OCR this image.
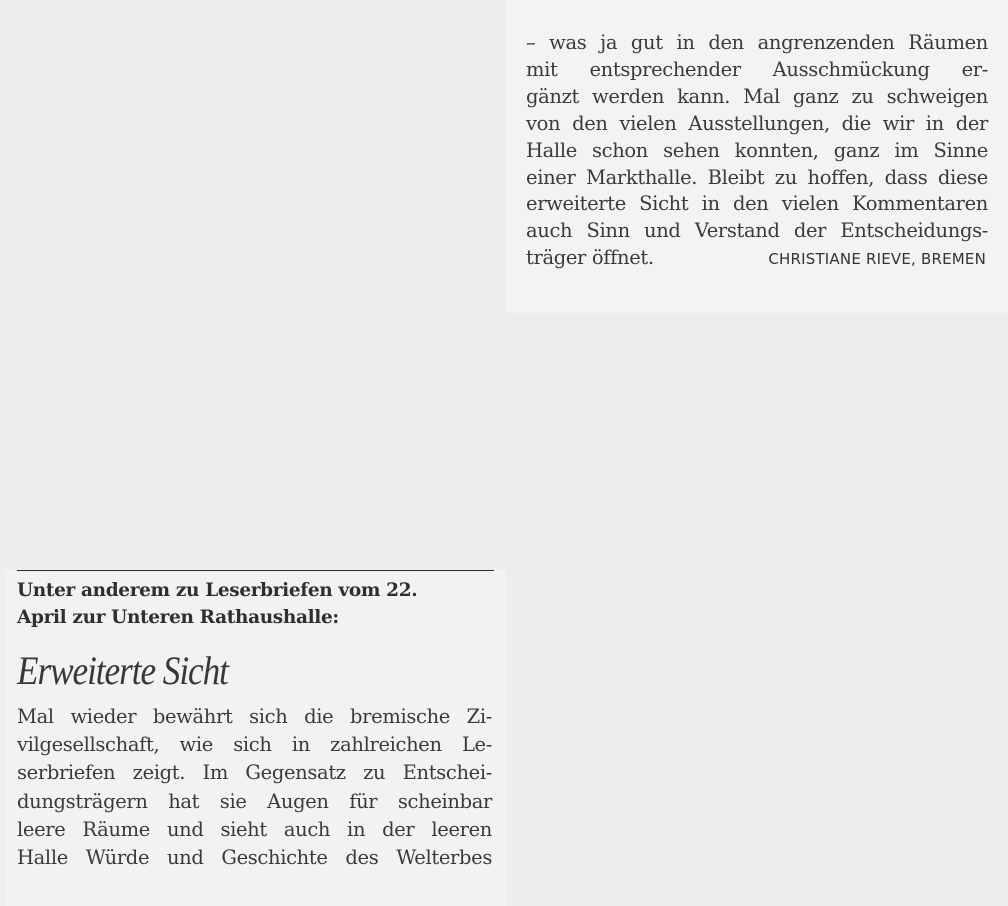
– was ja gut in den angrenzenden Räumen
mit entsprechender Ausschmückung er-
gänzt werden kann. Mal ganz zu schweigen
von den vielen Ausstellungen, die wir in der
Halle schon sehen konnten, ganz im Sinne
einer Markthalle. Bleibt zu hoffen, dass diese
erweiterte Sicht in den vielen Kommentaren
auch Sinn und Verstand der Entscheidungs-
träger öffnet.	CHRISTIANE RIEVE, BREMEN
Unter anderem zu Leserbriefen vom 22.
April zur Unteren Rathaushalle:
Erweiterte Sicht
Mal wieder bewährt sich die bremische Zi-
vilgesellschaft, wie sich in zahlreichen Le-
serbriefen zeigt. Im Gegensatz zu Entschei-
dungsträgern hat sie Augen für scheinbar
leere Räume und sieht auch in der leeren
Halle Würde und Geschichte des Welterbes
